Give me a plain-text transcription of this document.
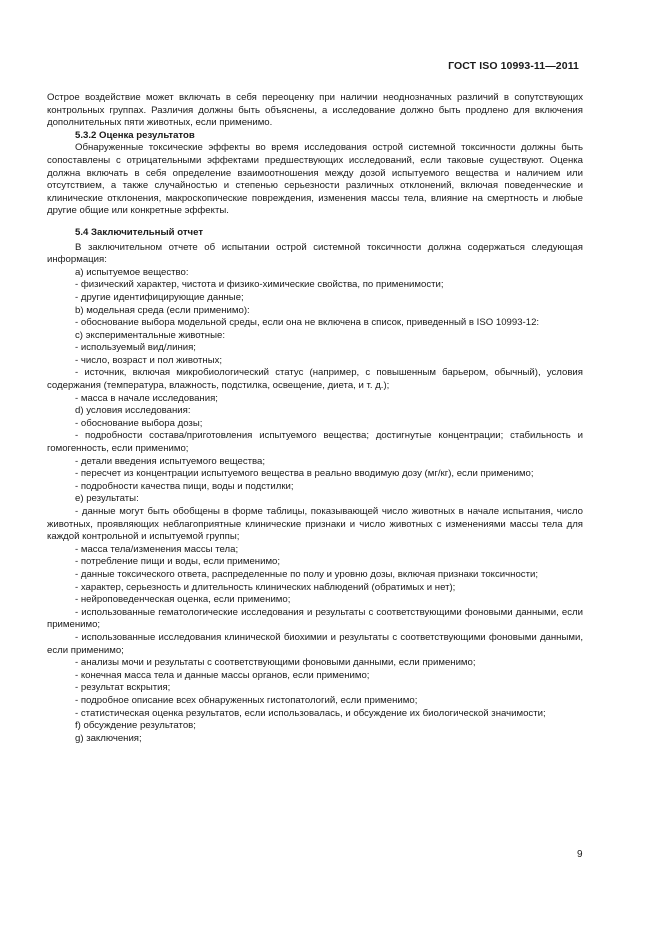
ГОСТ ISO 10993-11—2011

Острое воздействие может включать в себя переоценку при наличии неоднозначных различий в сопутствующих контрольных группах. Различия должны быть объяснены, а исследование должно быть продлено для включения дополнительных пяти животных, если применимо.

5.3.2 Оценка результатов

Обнаруженные токсические эффекты во время исследования острой системной токсичности должны быть сопоставлены с отрицательными эффектами предшествующих исследований, если таковые существуют. Оценка должна включать в себя определение взаимоотношения между дозой испытуемого вещества и наличием или отсутствием, а также случайностью и степенью серьезности различных отклонений, включая поведенческие и клинические отклонения, макроскопические повреждения, изменения массы тела, влияние на смертность и любые другие общие или конкретные эффекты.

5.4 Заключительный отчет

В заключительном отчете об испытании острой системной токсичности должна содержаться следующая информация:

а) испытуемое вещество:

- физический характер, чистота и физико-химические свойства, по применимости;

- другие идентифицирующие данные;

b) модельная среда (если применимо):

- обоснование выбора модельной среды, если она не включена в список, приведенный в ISO 10993-12:

с) экспериментальные животные:

- используемый вид/линия;

- число, возраст и пол животных;

- источник, включая микробиологический статус (например, с повышенным барьером, обычный), условия содержания (температура, влажность, подстилка, освещение, диета, и т. д.);

- масса в начале исследования;

d) условия исследования:

- обоснование выбора дозы;

- подробности состава/приготовления испытуемого вещества; достигнутые концентрации; стабильность и гомогенность, если применимо;

- детали введения испытуемого вещества;

- пересчет из концентрации испытуемого вещества в реально вводимую дозу (мг/кг), если применимо;

- подробности качества пищи, воды и подстилки;

е) результаты:

- данные могут быть обобщены в форме таблицы, показывающей число животных в начале испытания, число животных, проявляющих неблагоприятные клинические признаки и число животных с изменениями массы тела для каждой контрольной и испытуемой группы;

- масса тела/изменения массы тела;

- потребление пищи и воды, если применимо;

- данные токсического ответа, распределенные по полу и уровню дозы, включая признаки токсичности;

- характер, серьезность и длительность клинических наблюдений (обратимых и нет);

- нейроповеденческая оценка, если применимо;

- использованные гематологические исследования и результаты с соответствующими фоновыми данными, если применимо;

- использованные исследования клинической биохимии и результаты с соответствующими фоновыми данными, если применимо;

- анализы мочи и результаты с соответствующими фоновыми данными, если применимо;

- конечная масса тела и данные массы органов, если применимо;

- результат вскрытия;

- подробное описание всех обнаруженных гистопатологий, если применимо;

- статистическая оценка результатов, если использовалась, и обсуждение их биологической значимости;

f) обсуждение результатов;

g) заключения;

9
